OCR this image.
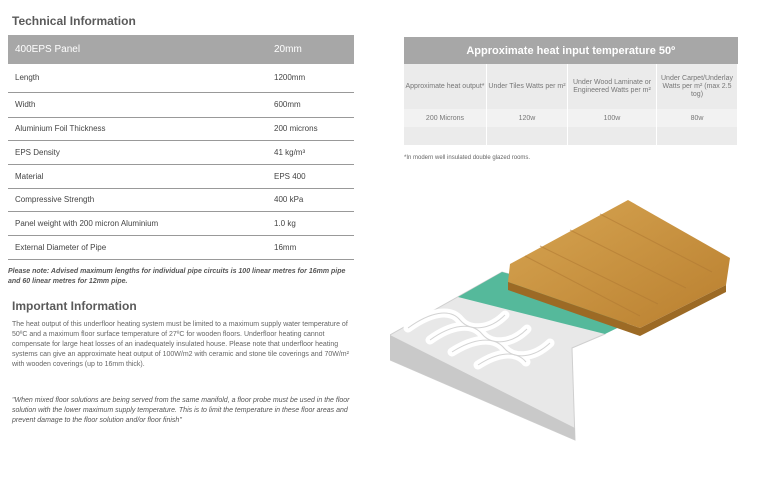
Technical Information
400EPS Panel	20mm
Length	1200mm
Width	600mm
Aluminium Foil Thickness	200 microns
EPS Density	41 kg/m³
Material	EPS 400
Compressive Strength	400 kPa
Panel weight with 200 micron Aluminium	1.0 kg
External Diameter of Pipe	16mm
Please note: Advised maximum lengths for individual pipe circuits is 100 linear metres for 16mm pipe and 60 linear metres for 12mm pipe.
Important Information
The heat output of this underfloor heating system must be limited to a maximum supply water temperature of 50ºC and a maximum floor surface temperature of 27ºC for wooden floors. Underfloor heating cannot compensate for large heat losses of an inadequately insulated house. Please note that underfloor heating systems can give an approximate heat output of 100W/m2 with ceramic and stone tile coverings and 70W/m² with wooden coverings (up to 16mm thick).
"When mixed floor solutions are being served from the same manifold, a floor probe must be used in the floor solution with the lower maximum supply temperature. This is to limit the temperature in these floor areas and prevent damage to the floor solution and/or floor finish"
Approximate heat input temperature 50º			
Approximate heat output*	Under Tiles Watts per m²	Under Wood Laminate or Engineered Watts per m²	Under Carpet/Underlay Watts per m² (max 2.5 tog)
200 Microns	120w	100w	80w

*In modern well insulated double glazed rooms.
